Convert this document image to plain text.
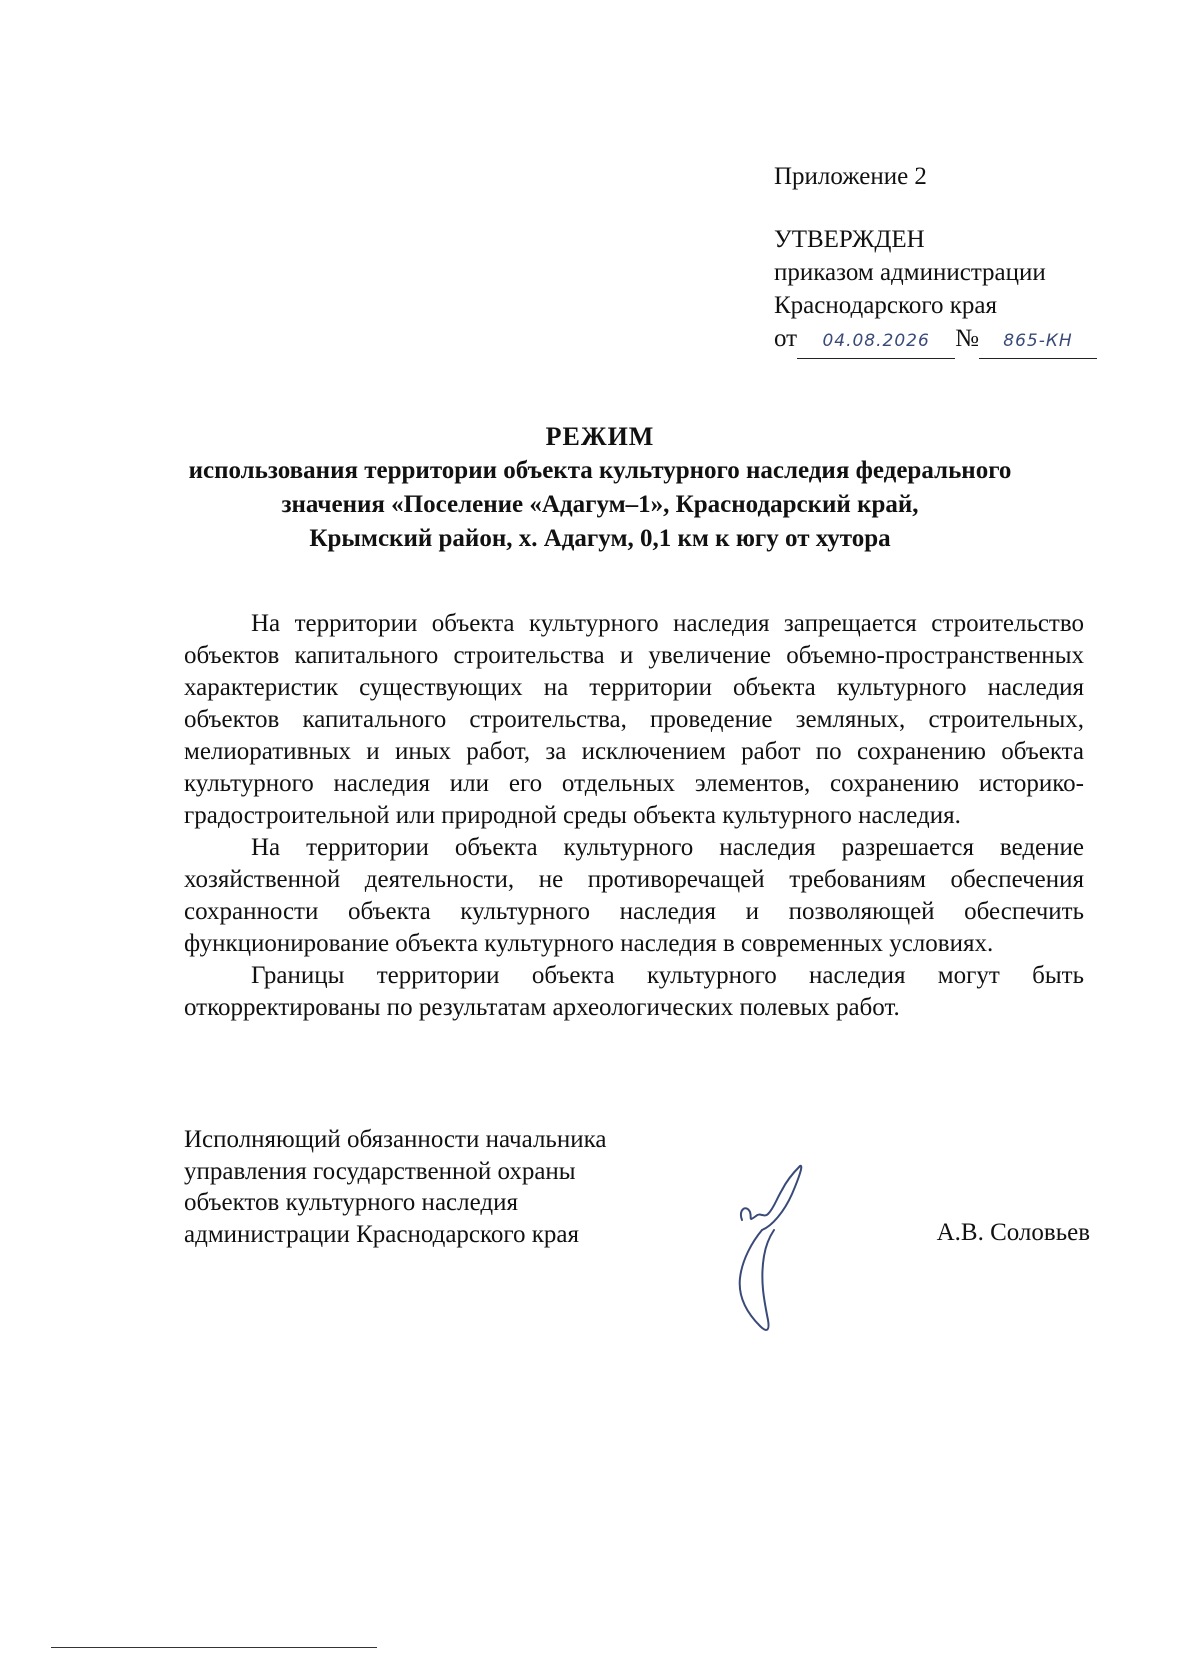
Приложение 2
УТВЕРЖДЕН
приказом администрации
Краснодарского края
от 04.08.2026 № 865-КН
РЕЖИМ
использования территории объекта культурного наследия федерального
значения «Поселение «Адагум–1», Краснодарский край,
Крымский район, х. Адагум, 0,1 км к югу от хутора

На территории объекта культурного наследия запрещается строительство объектов капитального строительства и увеличение объемно-пространственных характеристик существующих на территории объекта культурного наследия объектов капитального строительства, проведение земляных, строительных, мелиоративных и иных работ, за исключением работ по сохранению объекта культурного наследия или его отдельных элементов, сохранению историко-градостроительной или природной среды объекта культурного наследия.

На территории объекта культурного наследия разрешается ведение хозяйственной деятельности, не противоречащей требованиям обеспечения сохранности объекта культурного наследия и позволяющей обеспечить функционирование объекта культурного наследия в современных условиях.

Границы территории объекта культурного наследия могут быть откорректированы по результатам археологических полевых работ.

Исполняющий обязанности начальника
управления государственной охраны
объектов культурного наследия
администрации Краснодарского края	А.В. Соловьев
